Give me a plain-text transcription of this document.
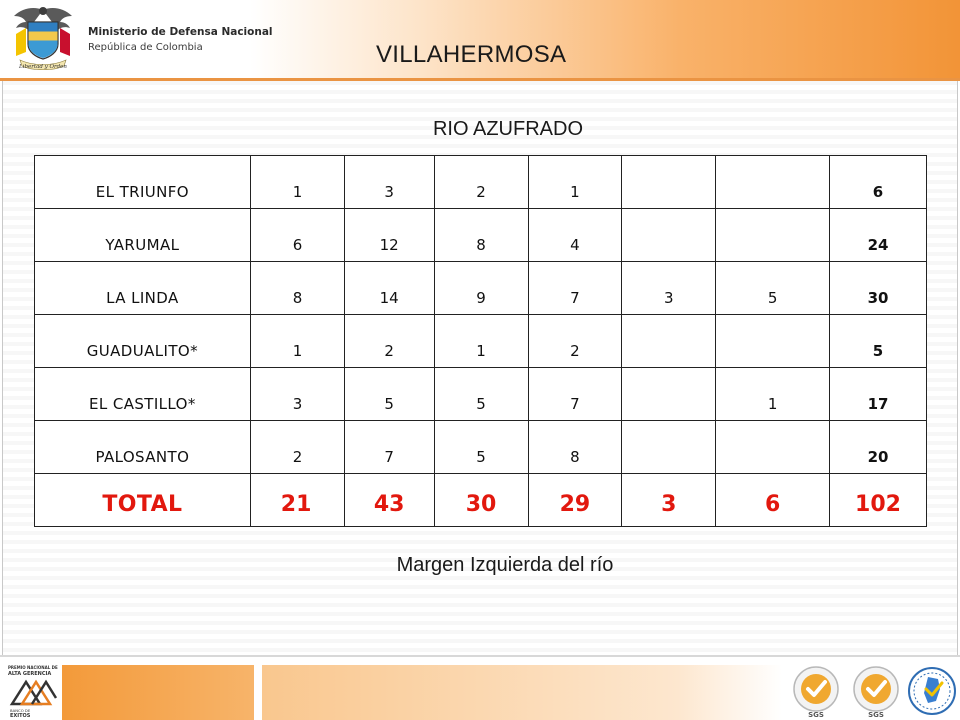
Libertad y Orden
Ministerio de Defensa Nacional
República de Colombia	VILLAHERMOSA
RIO AZUFRADO
EL TRIUNFO	1	3	2	1			6
YARUMAL	6	12	8	4			24
LA LINDA	8	14	9	7	3	5	30
GUADUALITO*	1	2	1	2			5
EL CASTILLO*	3	5	5	7		1	17
PALOSANTO	2	7	5	8			20
TOTAL	21	43	30	29	3	6	102
Margen Izquierda del río
PREMIO NACIONAL DE
ALTA GERENCIA
BANCO DE
EXITOS	SGS	SGS
